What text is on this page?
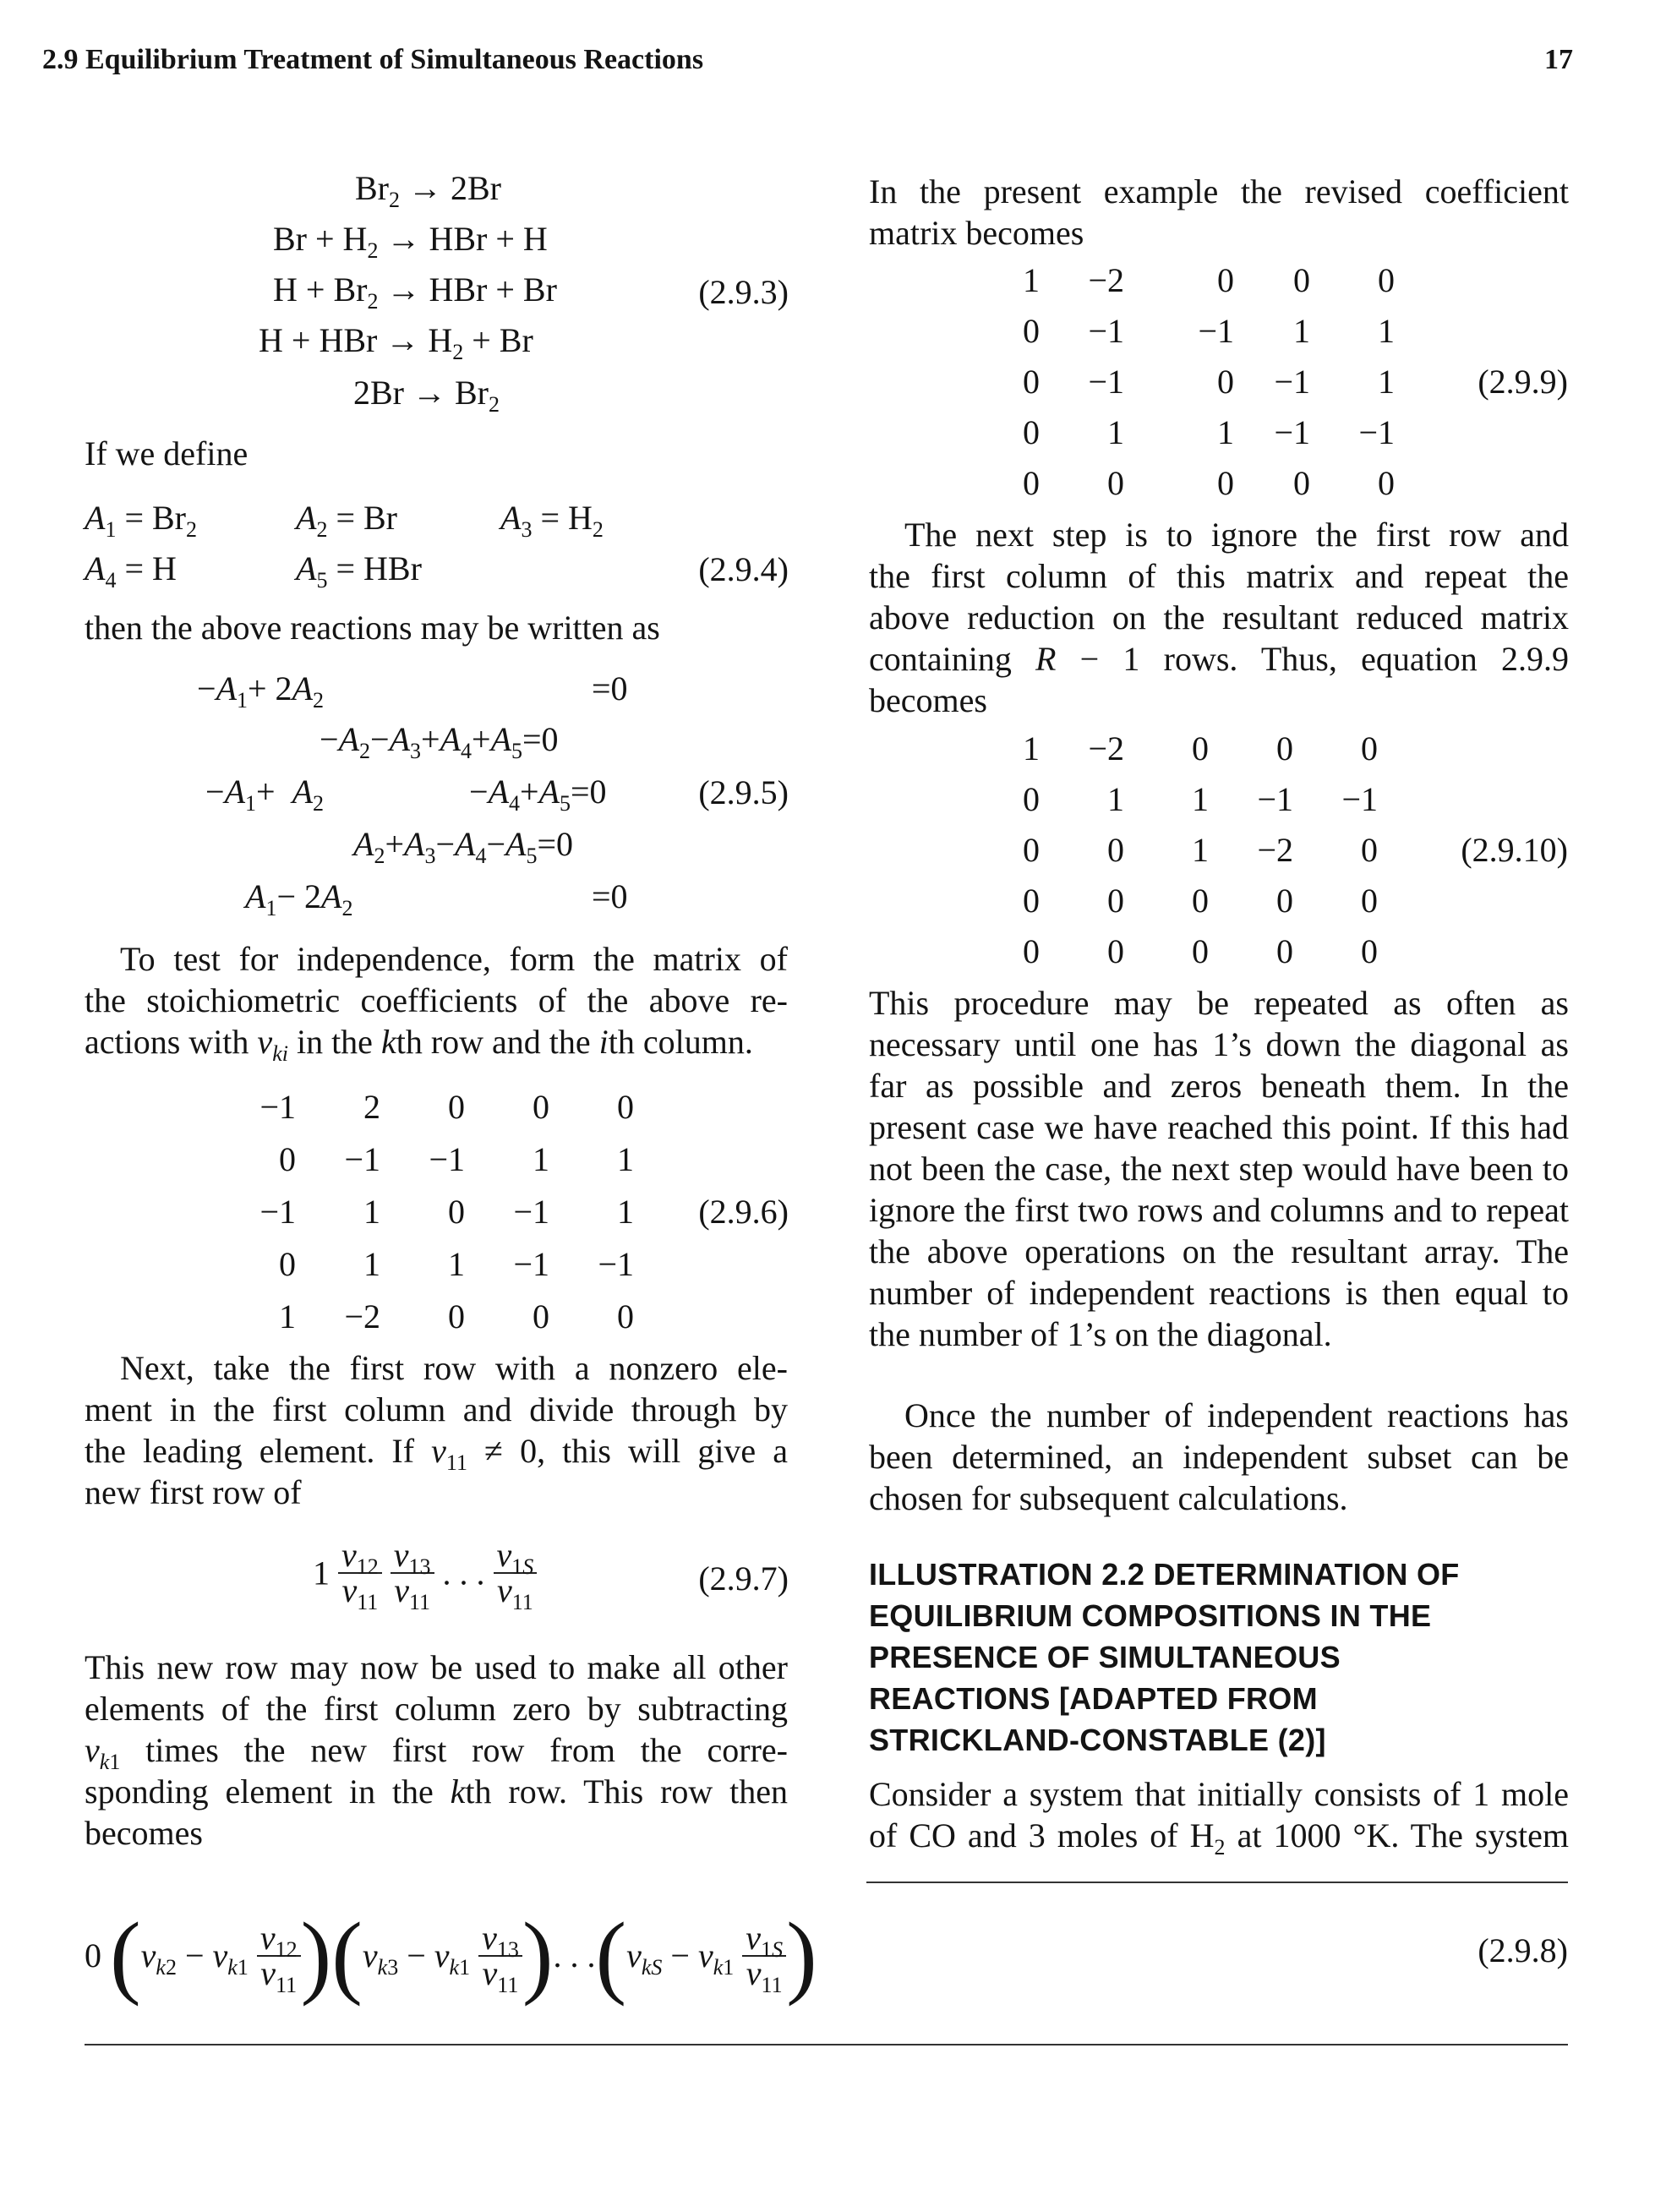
2.9 Equilibrium Treatment of Simultaneous Reactions	17
$Br_2 \to 2Br$
$Br + H_2$ → HBr + H
$H + Br_2$ → HBr + Br
H + HBr → $H_2 + Br$
$2Br \to Br_2$
(2.9.3)
If we define
$A_1 = Br_2$	$A_2 = Br$	$A_3 = H_2$
$A_4 = H$	$A_5$ = HBr	(2.9.4)
then the above reactions may be written as
$-A_1+ 2A_2$	=0
$-A_2-A_3+A_4+A_5=0$
$-A_1+ A_2$	$-A_4+A_5=0$
$A_2+A_3-A_4-A_5=0$
$A_1- 2A_2$	=0
(2.9.5)
To test for independence, form the matrix of
the stoichiometric coefficients of the above re-
actions with $\nu_{ki}$ in the kth row and the ith column.
−1	2	0	0	0
0	−1	−1	1	1
−1	1	0	−1	1
0	1	1	−1	−1
1	−2	0	0	0
(2.9.6)
Next, take the first row with a nonzero ele-
ment in the first column and divide through by
the leading element. If $\nu_{11} \ne 0$, this will give a
new first row of
$1 \frac{\nu_{12}}{\nu_{11}}$
$\frac{\nu_{13}}{\nu_{11}}$ . . . $\frac{\nu_{1S}}{\nu_{11}}$	(2.9.7)
This new row may now be used to make all other
elements of the first column zero by subtracting
$\nu_{k1}$ times the new first row from the corre-
sponding element in the kth row. This row then
becomes
0 $(\nu_{k2} - \nu_{k1} \frac{\nu_{12}}{\nu_{11}} )(\nu_{k3} - \nu_{k1} \frac{\nu_{13}}{\nu_{11}}$ ). . $.(\nu_{kS} - \nu_{k1} \frac{\nu_{1S}}{\nu_{11}}$ )	(2.9.8)
In the present example the revised coefficient
matrix becomes
1	−2	0	0	0
0	−1	−1	1	1
0	−1	0	−1	1
0	1	1	−1	−1
0	0	0	0	0
(2.9.9)
The next step is to ignore the first row and
the first column of this matrix and repeat the
above reduction on the resultant reduced matrix
containing R − 1 rows. Thus, equation 2.9.9
becomes
1	−2	0	0	0
0	1	1	−1	−1
0	0	1	−2	0
0	0	0	0	0
0	0	0	0	0
(2.9.10)
This procedure may be repeated as often as necessary until one has 1’s down the diagonal as far as possible and zeros beneath them. In the present case we have reached this point. If this had not been the case, the next step would have been to ignore the first two rows and columns and to repeat the above operations on the resultant array. The number of independent reactions is then equal to the number of 1’s on the diagonal.
Once the number of independent reactions has been determined, an independent subset can be chosen for subsequent calculations.
ILLUSTRATION 2.2 DETERMINATION OF
EQUILIBRIUM COMPOSITIONS IN THE
PRESENCE OF SIMULTANEOUS
REACTIONS [ADAPTED FROM
STRICKLAND-CONSTABLE (2)]
Consider a system that initially consists of 1 mole
of CO and 3 moles of $H_2$ at 1000 °K. The system
